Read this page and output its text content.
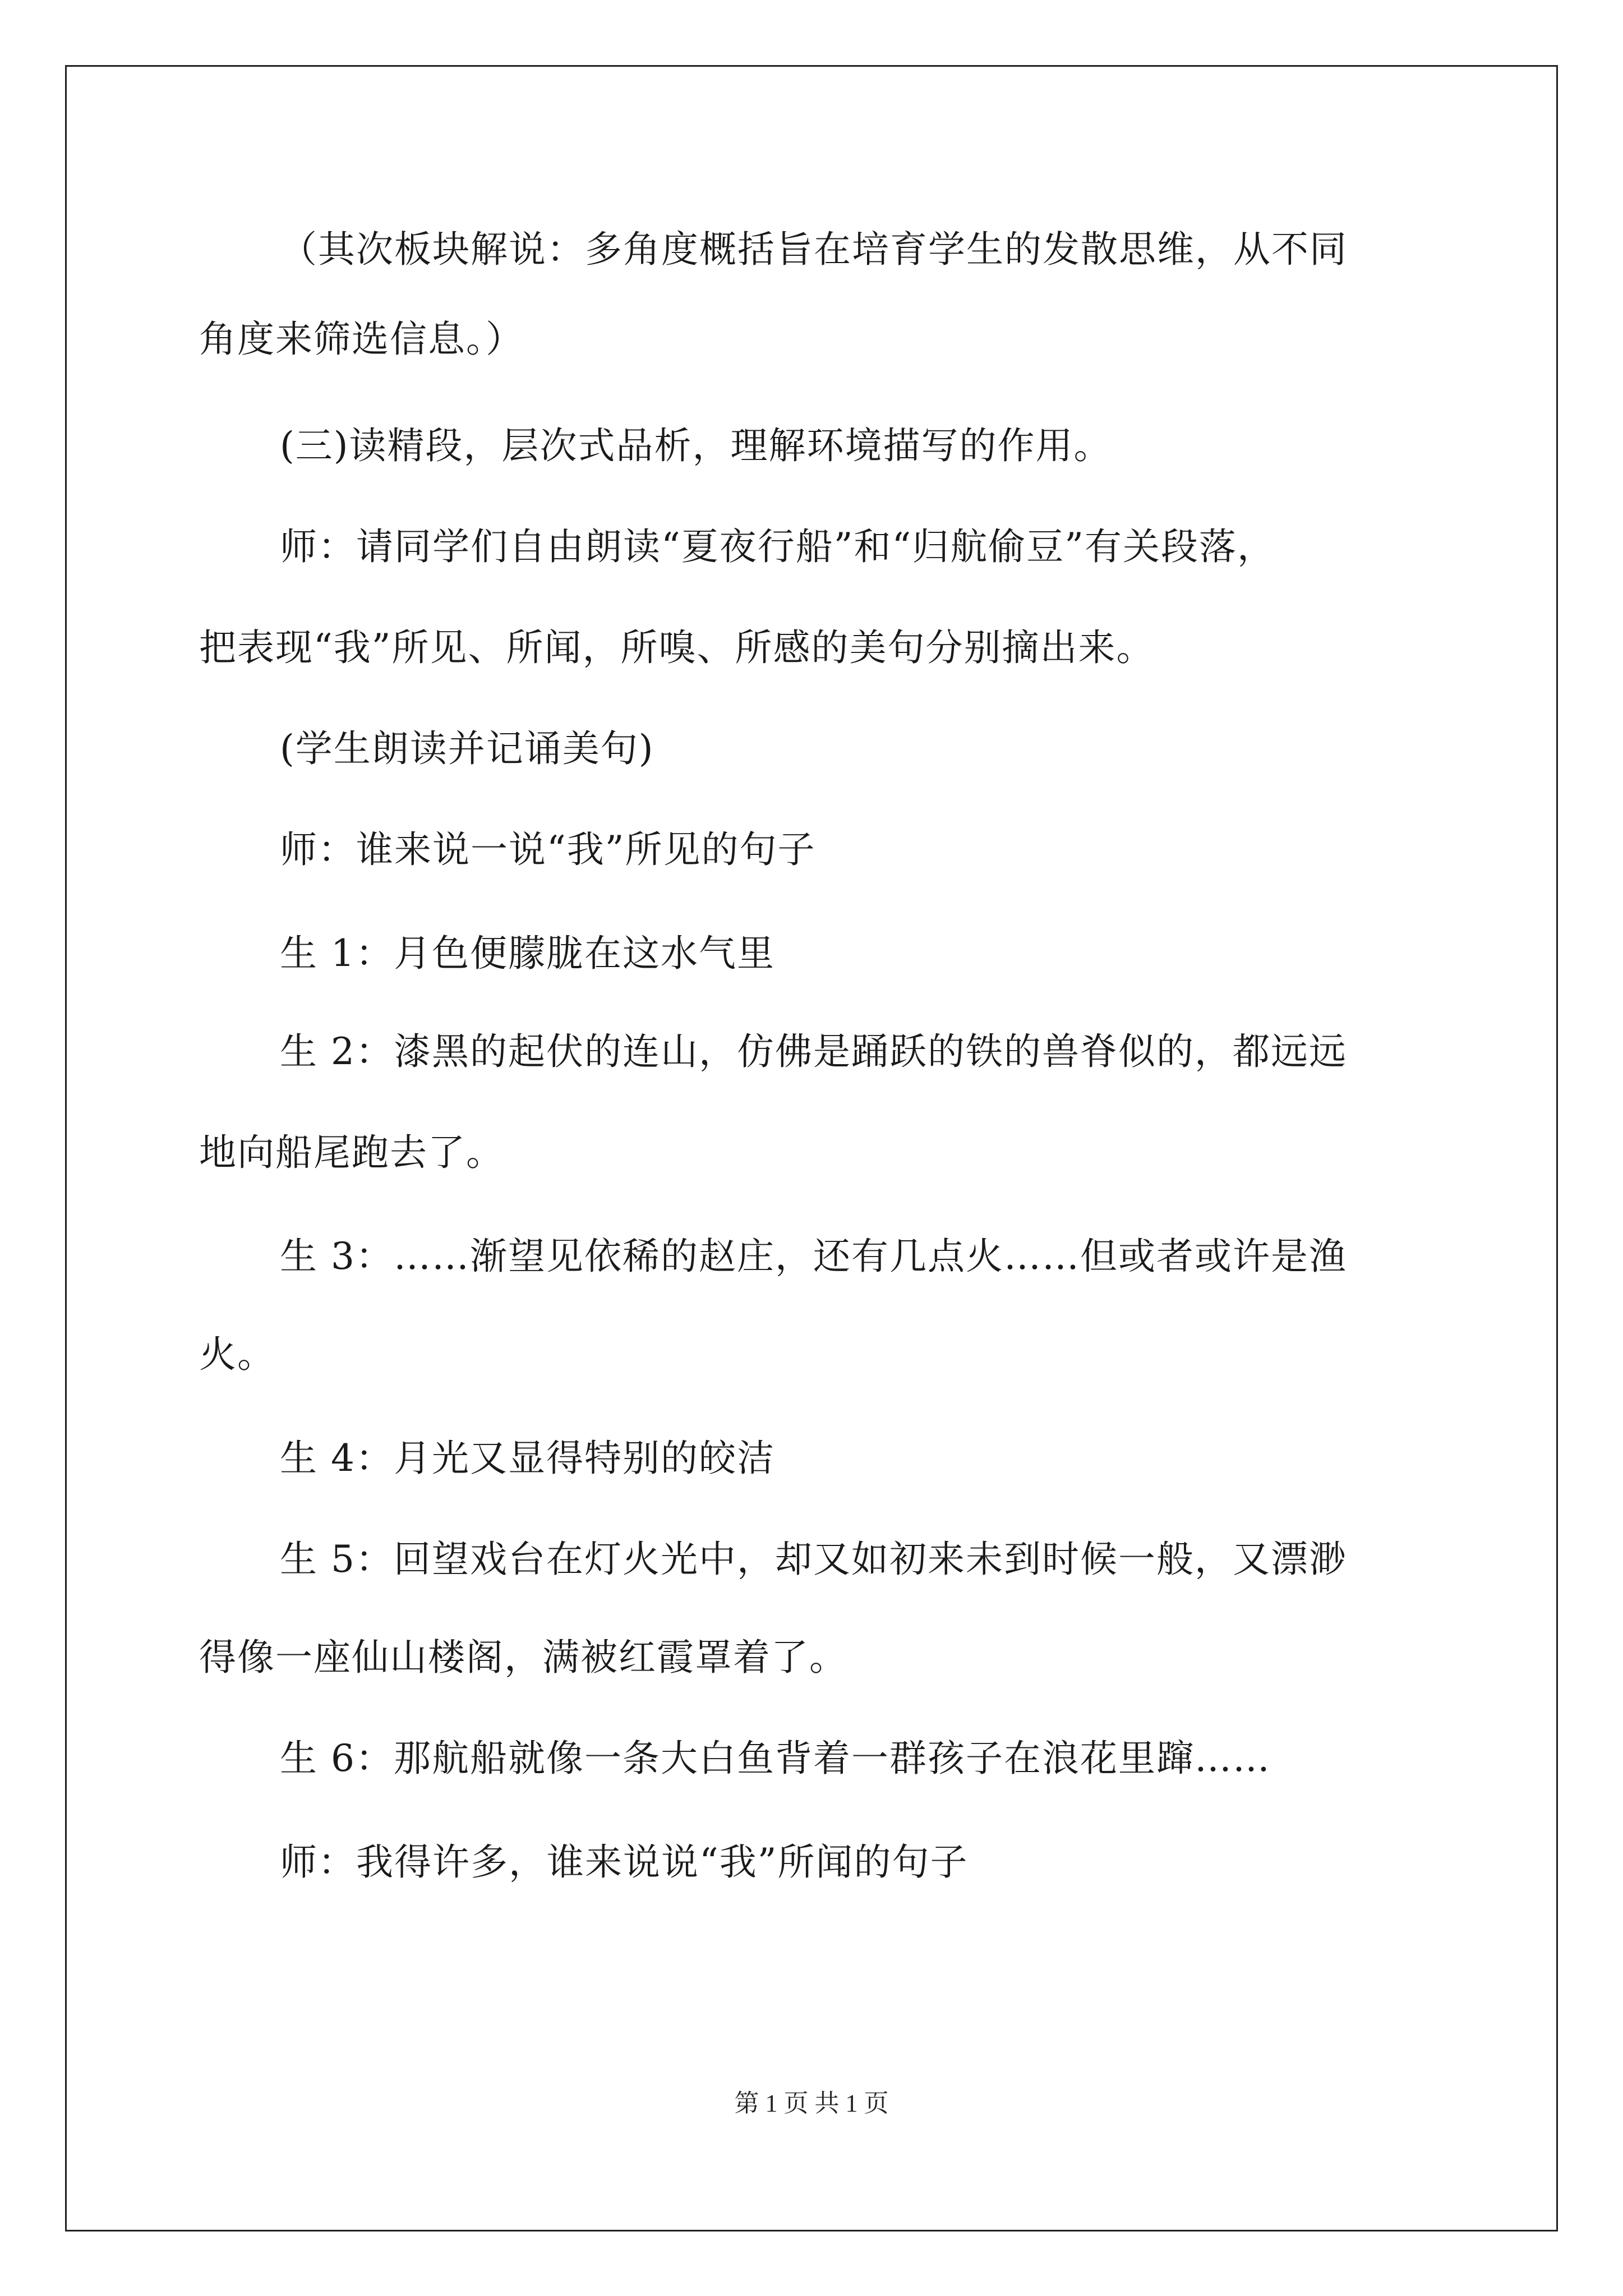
（其次板块解说：多角度概括旨在培育学生的发散思维，从不同
角度来筛选信息。）
(三)读精段，层次式品析，理解环境描写的作用。
师：请同学们自由朗读“夏夜行船”和“归航偷豆”有关段落，
把表现“我”所见、所闻，所嗅、所感的美句分别摘出来。
(学生朗读并记诵美句)
师：谁来说一说“我”所见的句子
生 1：月色便朦胧在这水气里
生 2：漆黑的起伏的连山，仿佛是踊跃的铁的兽脊似的，都远远
地向船尾跑去了。
生 3：……渐望见依稀的赵庄，还有几点火……但或者或许是渔
火。
生 4：月光又显得特别的皎洁
生 5：回望戏台在灯火光中，却又如初来未到时候一般，又漂渺
得像一座仙山楼阁，满被红霞罩着了。
生 6：那航船就像一条大白鱼背着一群孩子在浪花里蹿……
师：我得许多，谁来说说“我”所闻的句子
第 1 页 共 1 页
